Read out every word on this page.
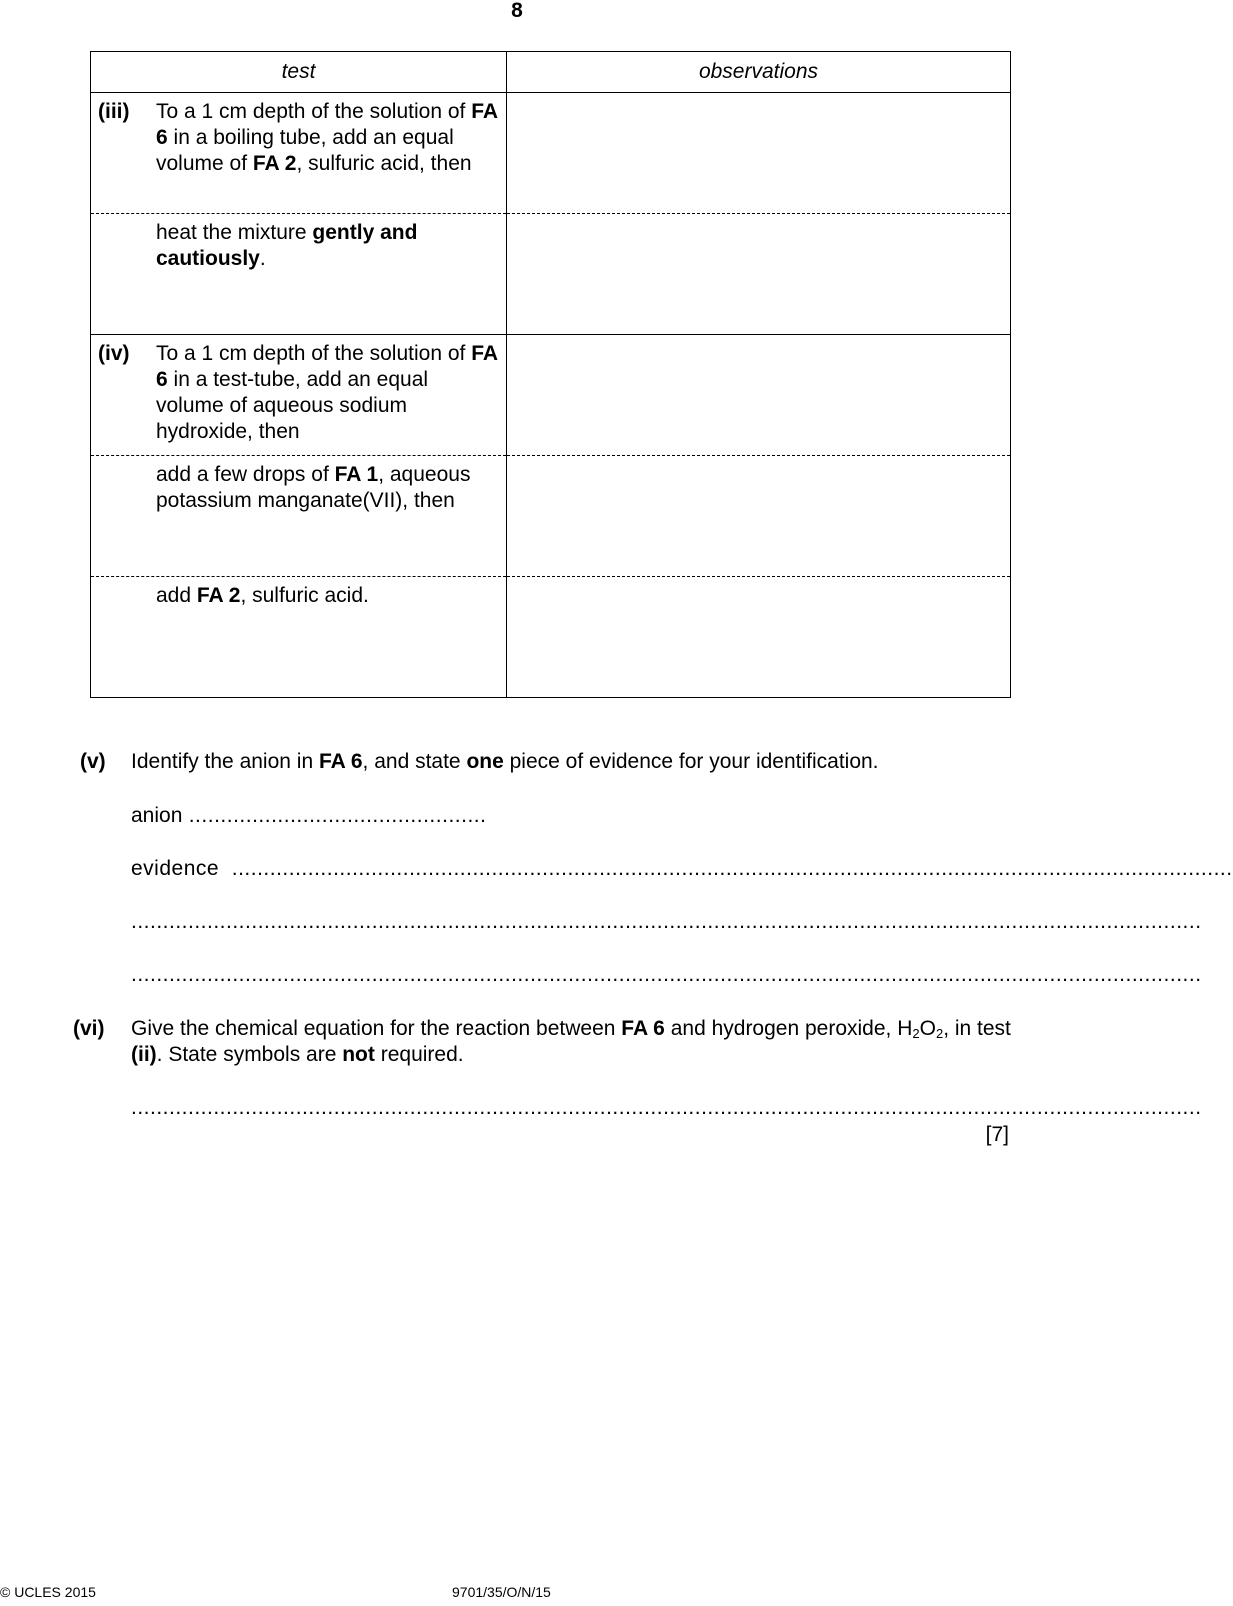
8
test	observations

(iii) To a 1 cm depth of the solution of FA 6 in a boiling tube, add an equal volume of FA 2, sulfuric acid, then	

heat the mixture gently and cautiously.	

(iv) To a 1 cm depth of the solution of FA 6 in a test-tube, add an equal volume of aqueous sodium hydroxide, then	

add a few drops of FA 1, aqueous potassium manganate(VII), then	

add FA 2, sulfuric acid.	

(v) Identify the anion in FA 6, and state one piece of evidence for your identification.
anion ...............................................
evidence  ..............................................................................................................................................................
.........................................................................................................................................................................
.........................................................................................................................................................................
(vi) Give the chemical equation for the reaction between FA 6 and hydrogen peroxide, $H_2O_2$, in test (ii). State symbols are not required.
.........................................................................................................................................................................
[7]
© UCLES 2015	9701/35/O/N/15
